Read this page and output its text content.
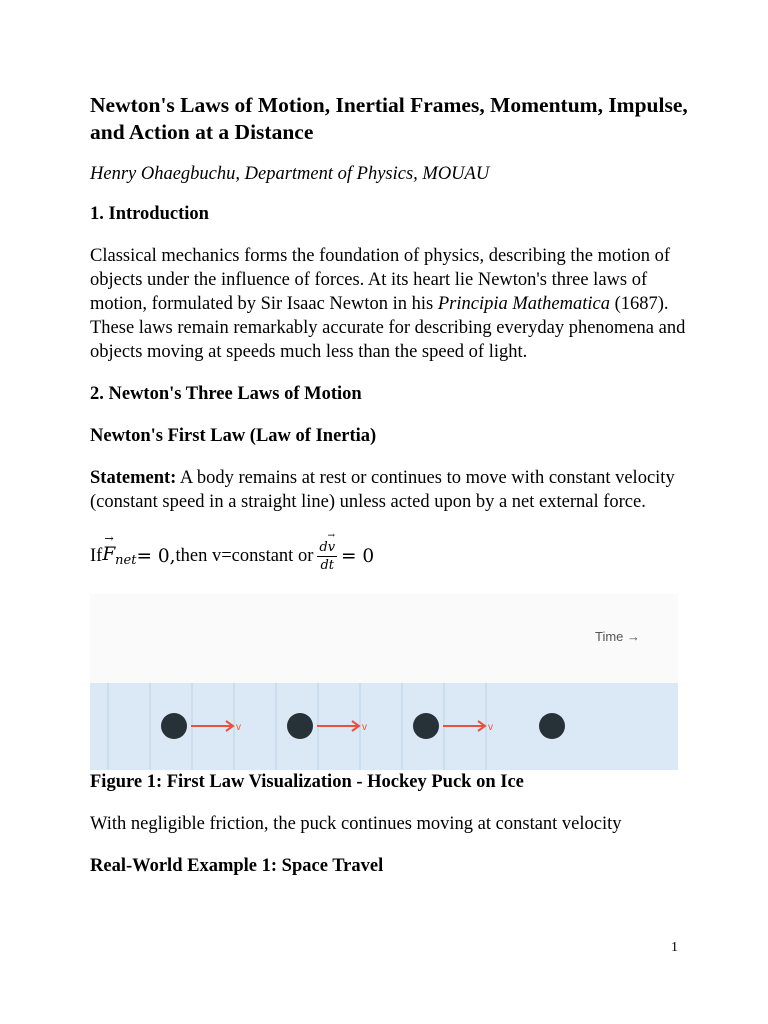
Newton's Laws of Motion, Inertial Frames, Momentum, Impulse, and Action at a Distance
Henry Ohaegbuchu, Department of Physics, MOUAU
1. Introduction

Classical mechanics forms the foundation of physics, describing the motion of objects under the influence of forces. At its heart lie Newton's three laws of motion, formulated by Sir Isaac Newton in his Principia Mathematica (1687). These laws remain remarkably accurate for describing everyday phenomena and objects moving at speeds much less than the speed of light.

2. Newton's Three Laws of Motion
Newton's First Law (Law of Inertia)

Statement: A body remains at rest or continues to move with constant velocity (constant speed in a straight line) unless acted upon by a net external force.

If
→
$F_{net} = 0$, then v=constant or →
dv
dt = 0
Time →
v	v	v
Figure 1: First Law Visualization - Hockey Puck on Ice

With negligible friction, the puck continues moving at constant velocity

Real-World Example 1: Space Travel
1
